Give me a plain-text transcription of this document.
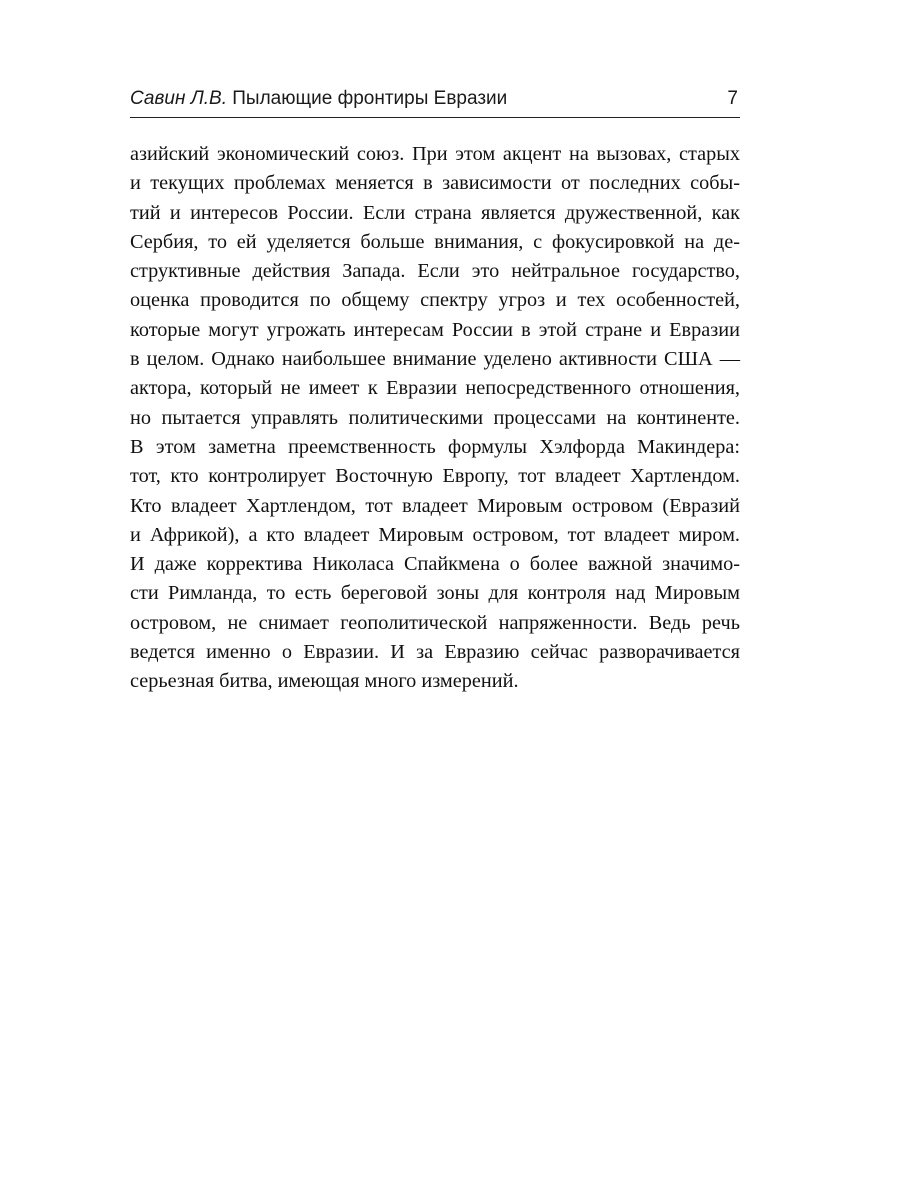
Савин Л.В. Пылающие фронтиры Евразии	7
азийский экономический союз. При этом акцент на вызовах, старых
и текущих проблемах меняется в зависимости от последних собы-
тий и интересов России. Если страна является дружественной, как
Сербия, то ей уделяется больше внимания, с фокусировкой на де-
структивные действия Запада. Если это нейтральное государство,
оценка проводится по общему спектру угроз и тех особенностей,
которые могут угрожать интересам России в этой стране и Евразии
в целом. Однако наибольшее внимание уделено активности США —
актора, который не имеет к Евразии непосредственного отношения,
но пытается управлять политическими процессами на континенте.
В этом заметна преемственность формулы Хэлфорда Макиндера:
тот, кто контролирует Восточную Европу, тот владеет Хартлендом.
Кто владеет Хартлендом, тот владеет Мировым островом (Евразий
и Африкой), а кто владеет Мировым островом, тот владеет миром.
И даже корректива Николаса Спайкмена о более важной значимо-
сти Римланда, то есть береговой зоны для контроля над Мировым
островом, не снимает геополитической напряженности. Ведь речь
ведется именно о Евразии. И за Евразию сейчас разворачивается
серьезная битва, имеющая много измерений.
